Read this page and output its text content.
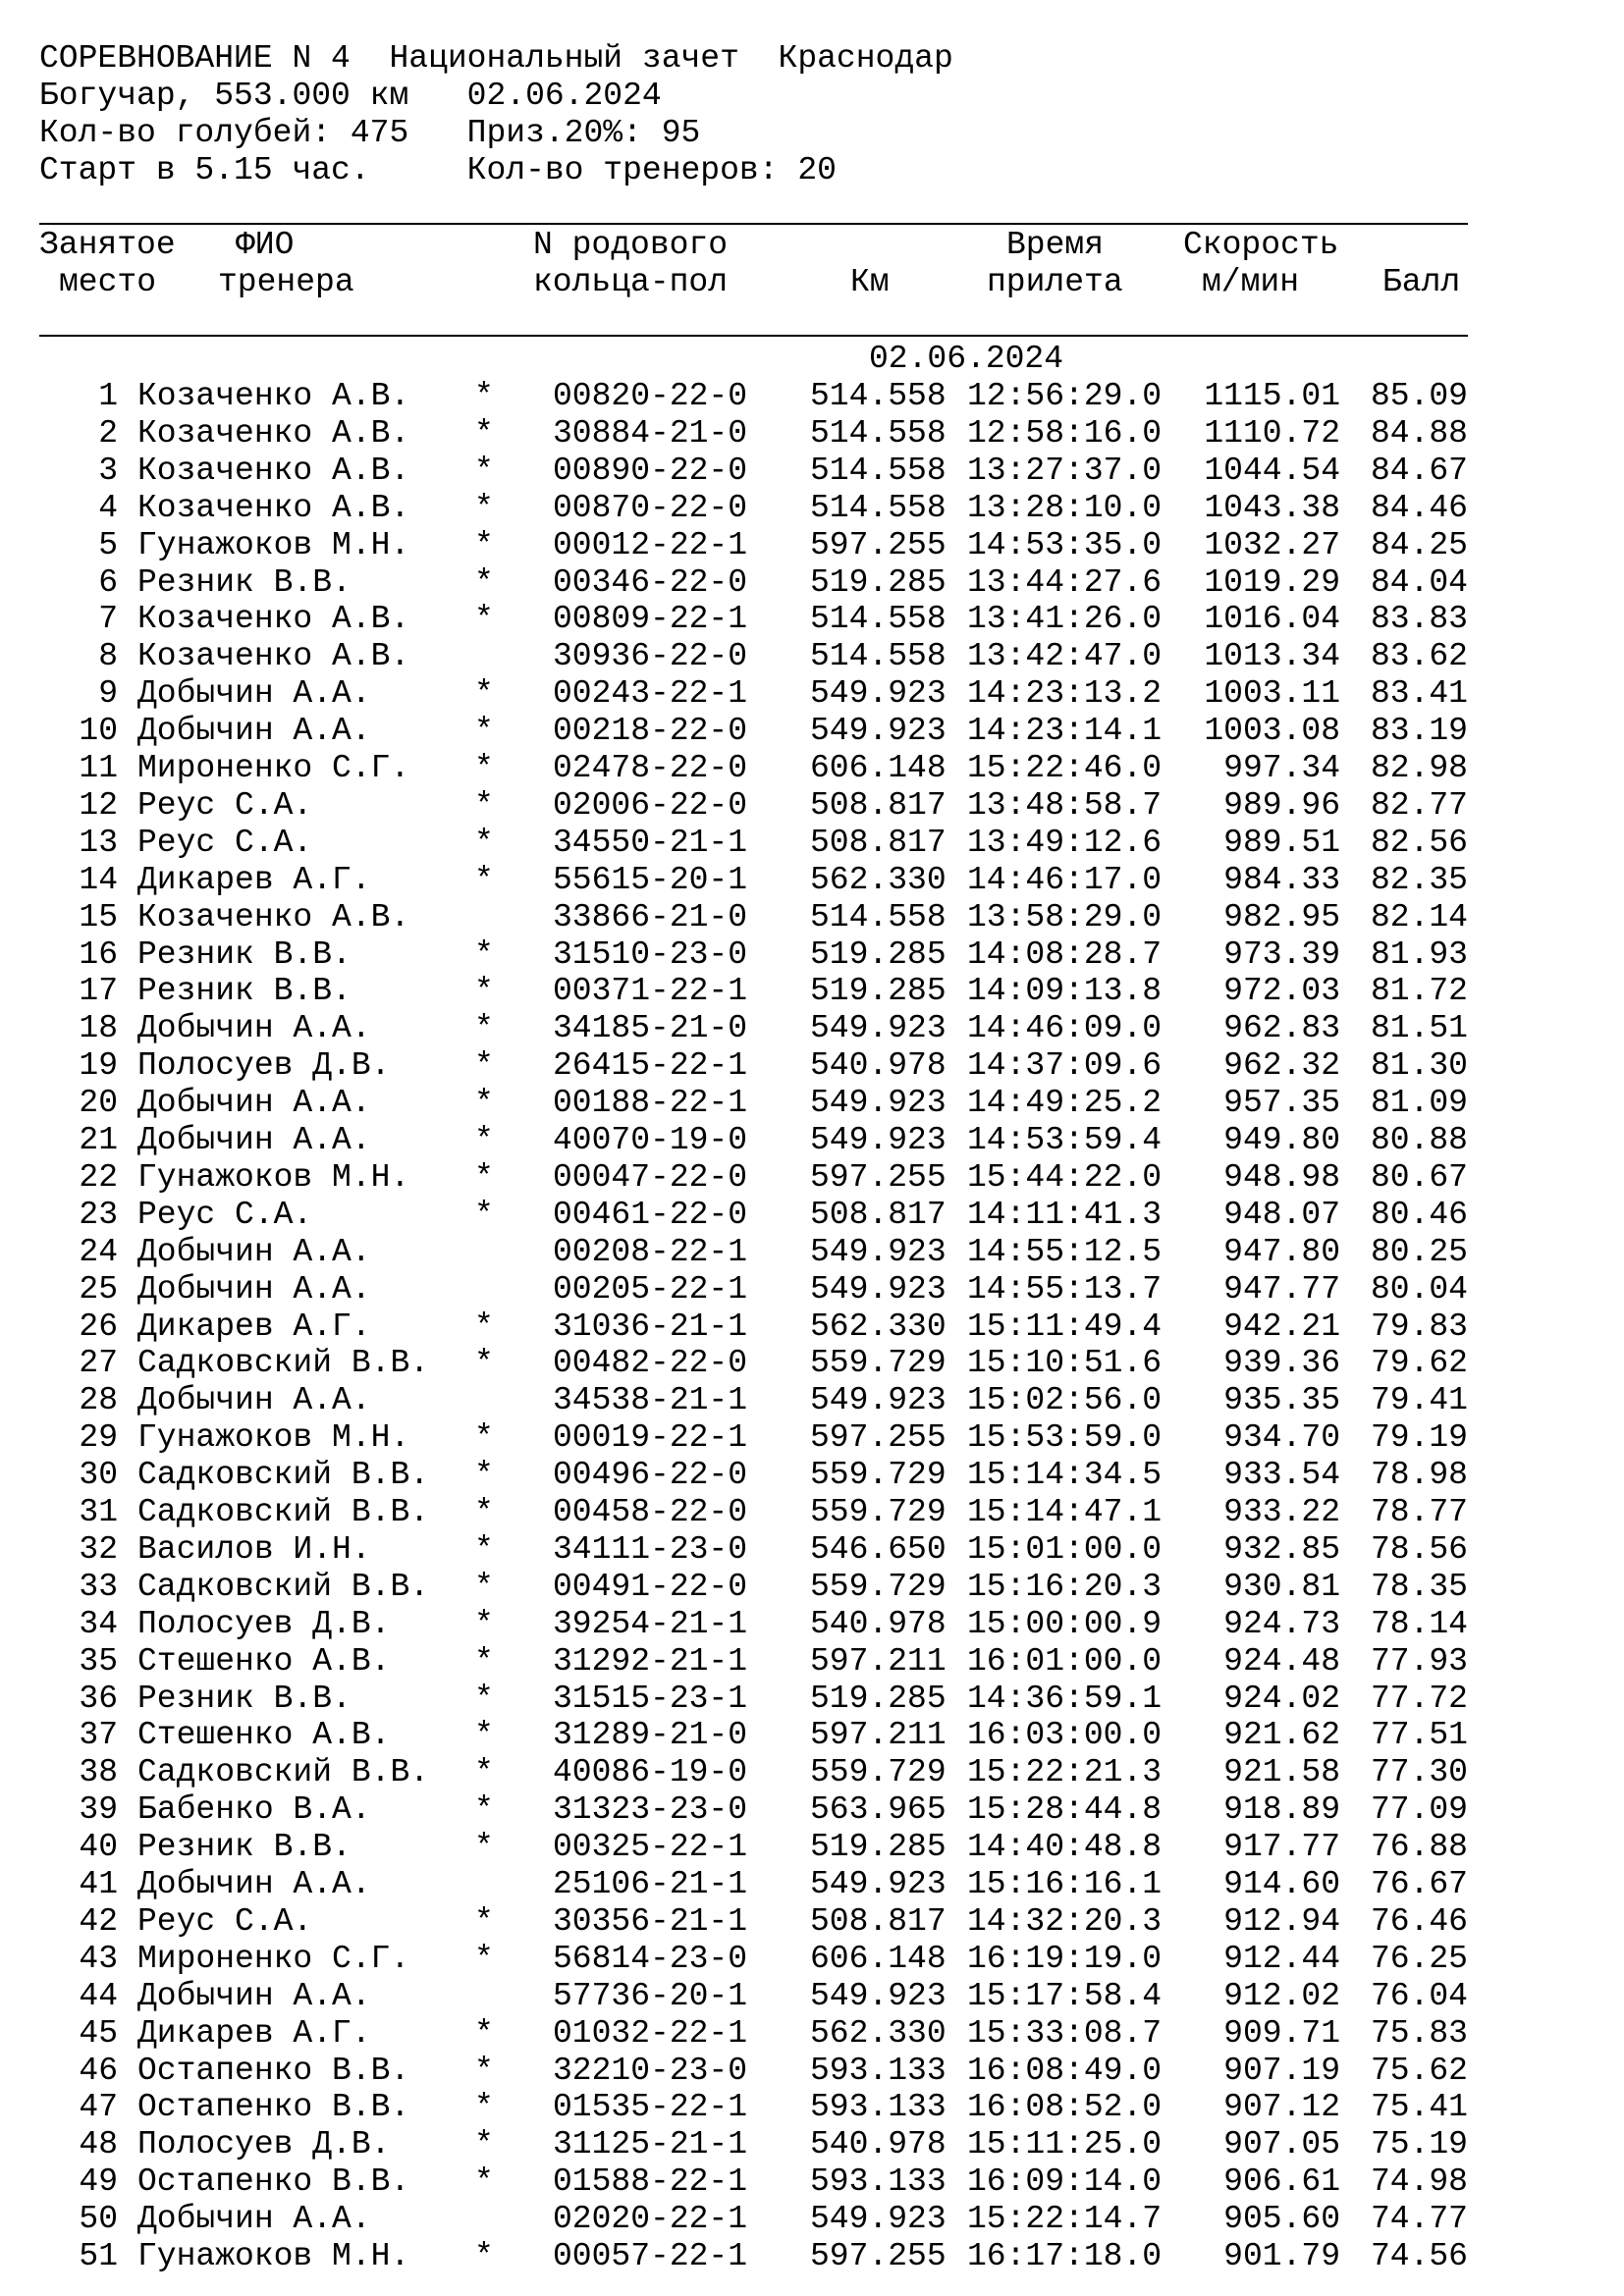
СОРЕВНОВАНИЕ N 4  Национальный зачет  Краснодар
Богучар, 553.000 км   02.06.2024
Кол-во голубей: 475   Приз.20%: 95
Старт в 5.15 час.     Кол-во тренеров: 20
Занятое
место
ФИО
тренера
N родового
кольца-пол	Км
Время
прилета
Скорость
м/мин	Балл
02.06.2024
1 Козаченко А.В. * 00820-22-0 514.558 12:56:29.0	1115.01 85.09
2 Козаченко А.В. * 30884-21-0 514.558 12:58:16.0	1110.72 84.88
3 Козаченко А.В. * 00890-22-0 514.558 13:27:37.0	1044.54 84.67
4 Козаченко А.В. * 00870-22-0 514.558 13:28:10.0	1043.38 84.46
5 Гунажоков М.Н. * 00012-22-1 597.255 14:53:35.0	1032.27 84.25
6 Резник В.В.	* 00346-22-0 519.285 13:44:27.6	1019.29 84.04
7 Козаченко А.В. * 00809-22-1 514.558 13:41:26.0	1016.04 83.83
8 Козаченко А.В.	30936-22-0 514.558 13:42:47.0	1013.34 83.62
9 Добычин А.А.	* 00243-22-1 549.923 14:23:13.2	1003.11 83.41
10 Добычин А.А.	* 00218-22-0 549.923 14:23:14.1	1003.08 83.19
11 Мироненко С.Г. * 02478-22-0 606.148 15:22:46.0	997.34 82.98
12 Реус С.А.	* 02006-22-0 508.817 13:48:58.7	989.96 82.77
13 Реус С.А.	* 34550-21-1 508.817 13:49:12.6	989.51 82.56
14 Дикарев А.Г.	* 55615-20-1 562.330 14:46:17.0	984.33 82.35
15 Козаченко А.В.	33866-21-0 514.558 13:58:29.0	982.95 82.14
16 Резник В.В.	* 31510-23-0 519.285 14:08:28.7	973.39 81.93
17 Резник В.В.	* 00371-22-1 519.285 14:09:13.8	972.03 81.72
18 Добычин А.А.	* 34185-21-0 549.923 14:46:09.0	962.83 81.51
19 Полосуев Д.В.	* 26415-22-1 540.978 14:37:09.6	962.32 81.30
20 Добычин А.А.	* 00188-22-1 549.923 14:49:25.2	957.35 81.09
21 Добычин А.А.	* 40070-19-0 549.923 14:53:59.4	949.80 80.88
22 Гунажоков М.Н. * 00047-22-0 597.255 15:44:22.0	948.98 80.67
23 Реус С.А.	* 00461-22-0 508.817 14:11:41.3	948.07 80.46
24 Добычин А.А.	00208-22-1 549.923 14:55:12.5	947.80 80.25
25 Добычин А.А.	00205-22-1 549.923 14:55:13.7	947.77 80.04
26 Дикарев А.Г.	* 31036-21-1 562.330 15:11:49.4	942.21 79.83
27 Садковский В.В. * 00482-22-0 559.729 15:10:51.6	939.36 79.62
28 Добычин А.А.	34538-21-1 549.923 15:02:56.0	935.35 79.41
29 Гунажоков М.Н. * 00019-22-1 597.255 15:53:59.0	934.70 79.19
30 Садковский В.В. * 00496-22-0 559.729 15:14:34.5	933.54 78.98
31 Садковский В.В. * 00458-22-0 559.729 15:14:47.1	933.22 78.77
32 Василов И.Н.	* 34111-23-0 546.650 15:01:00.0	932.85 78.56
33 Садковский В.В. * 00491-22-0 559.729 15:16:20.3	930.81 78.35
34 Полосуев Д.В.	* 39254-21-1 540.978 15:00:00.9	924.73 78.14
35 Стешенко А.В.	* 31292-21-1 597.211 16:01:00.0	924.48 77.93
36 Резник В.В.	* 31515-23-1 519.285 14:36:59.1	924.02 77.72
37 Стешенко А.В.	* 31289-21-0 597.211 16:03:00.0	921.62 77.51
38 Садковский В.В. * 40086-19-0 559.729 15:22:21.3	921.58 77.30
39 Бабенко В.А.	* 31323-23-0 563.965 15:28:44.8	918.89 77.09
40 Резник В.В.	* 00325-22-1 519.285 14:40:48.8	917.77 76.88
41 Добычин А.А.	25106-21-1 549.923 15:16:16.1	914.60 76.67
42 Реус С.А.	* 30356-21-1 508.817 14:32:20.3	912.94 76.46
43 Мироненко С.Г. * 56814-23-0 606.148 16:19:19.0	912.44 76.25
44 Добычин А.А.	57736-20-1 549.923 15:17:58.4	912.02 76.04
45 Дикарев А.Г.	* 01032-22-1 562.330 15:33:08.7	909.71 75.83
46 Остапенко В.В. * 32210-23-0 593.133 16:08:49.0	907.19 75.62
47 Остапенко В.В. * 01535-22-1 593.133 16:08:52.0	907.12 75.41
48 Полосуев Д.В.	* 31125-21-1 540.978 15:11:25.0	907.05 75.19
49 Остапенко В.В. * 01588-22-1 593.133 16:09:14.0	906.61 74.98
50 Добычин А.А.	02020-22-1 549.923 15:22:14.7	905.60 74.77
51 Гунажоков М.Н. * 00057-22-1 597.255 16:17:18.0	901.79 74.56
